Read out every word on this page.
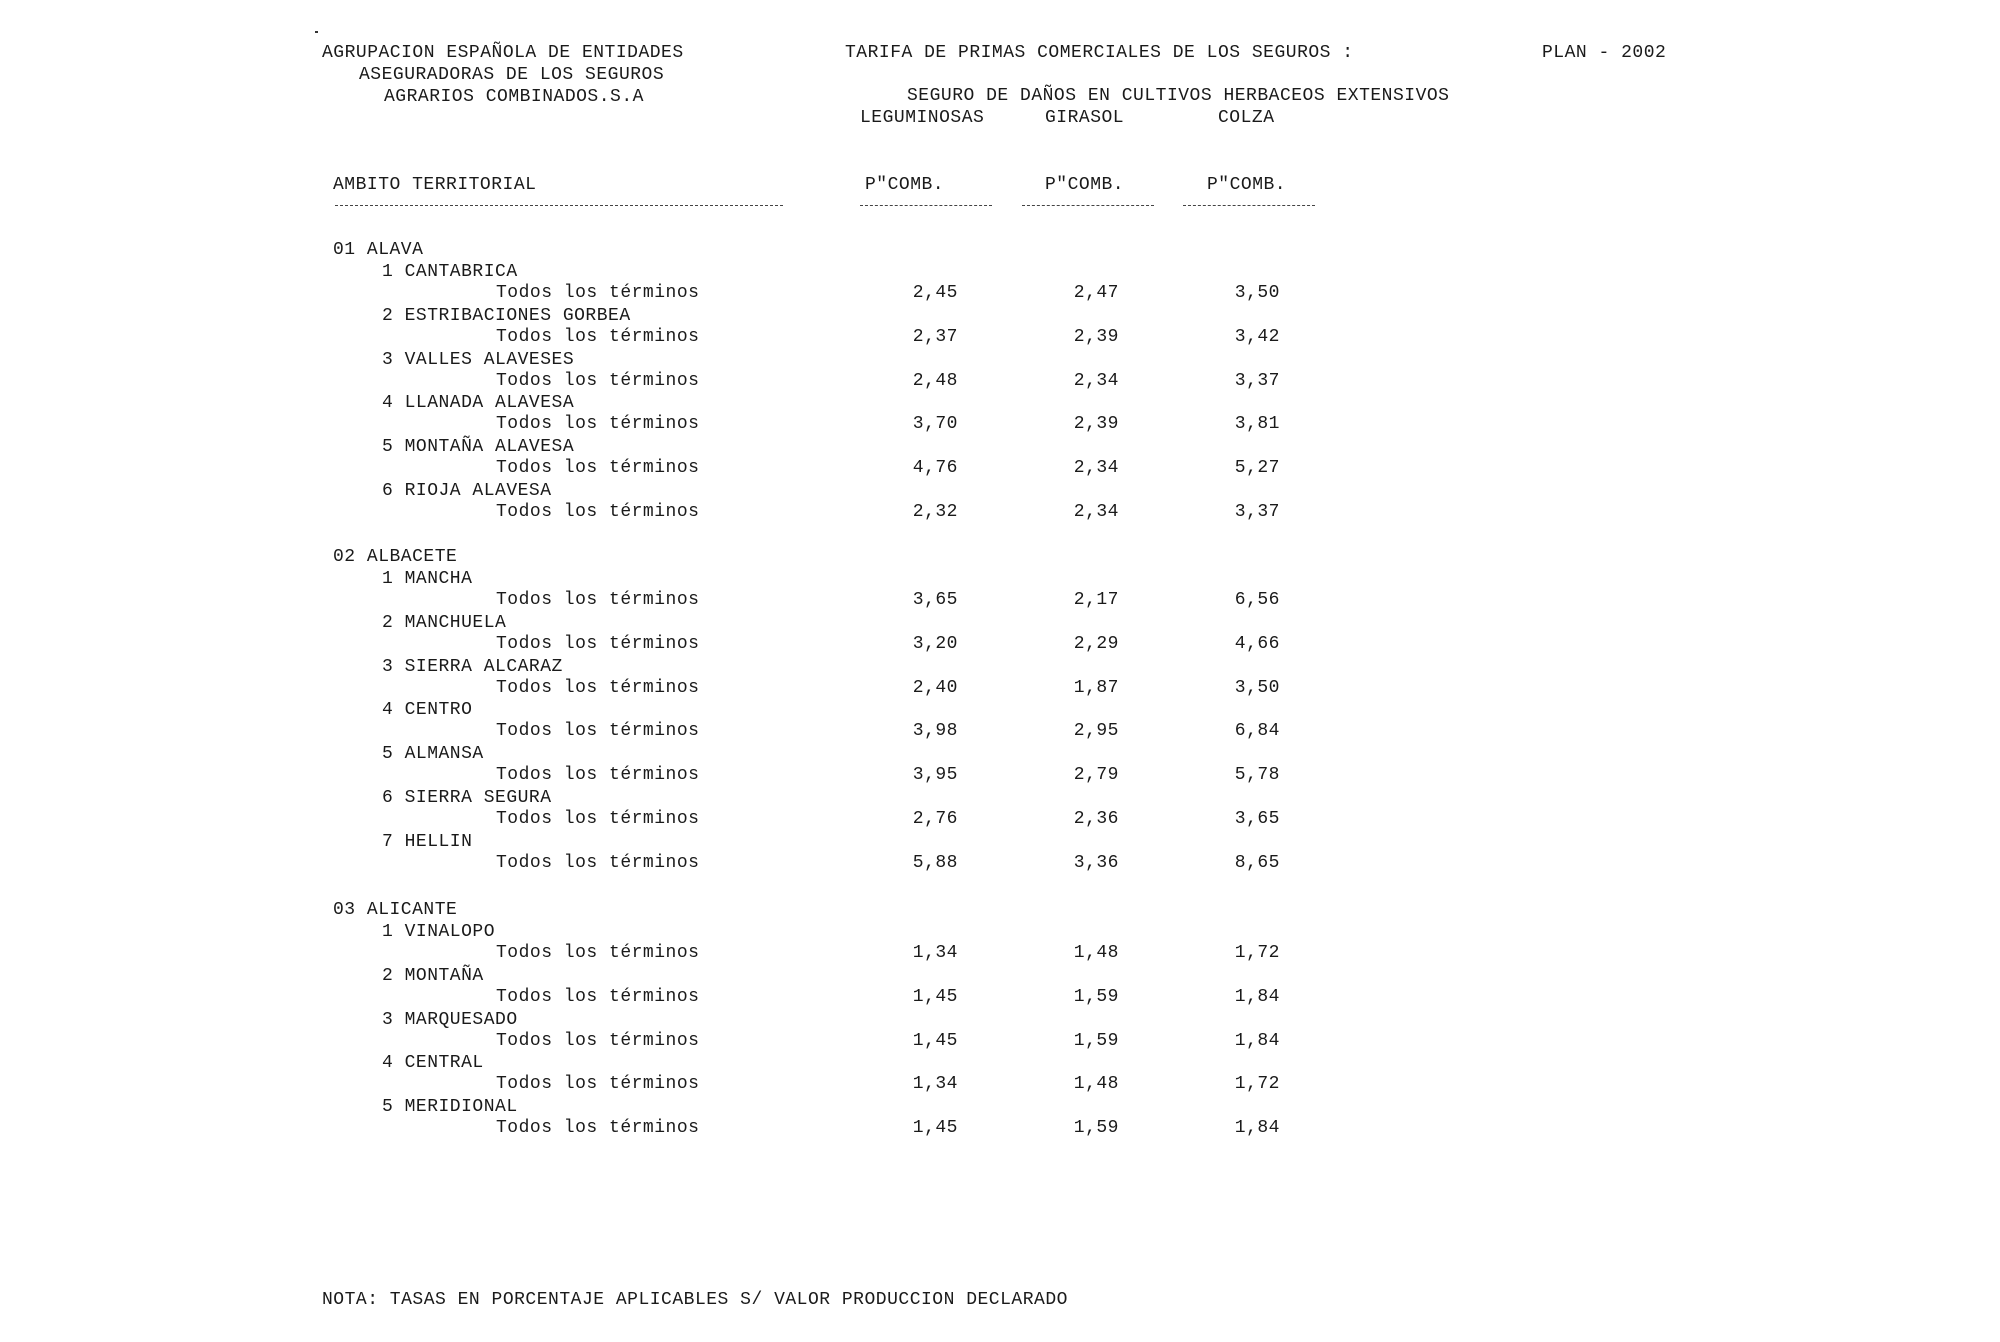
AGRUPACION ESPAÑOLA DE ENTIDADES
ASEGURADORAS DE LOS SEGUROS
AGRARIOS COMBINADOS.S.A
TARIFA DE PRIMAS COMERCIALES DE LOS SEGUROS :	PLAN - 2002
SEGURO DE DAÑOS EN CULTIVOS HERBACEOS EXTENSIVOS
LEGUMINOSAS	GIRASOL	COLZA
AMBITO TERRITORIAL	P"COMB.	P"COMB.	P"COMB.
01 ALAVA
1 CANTABRICA
Todos los términos	2,45	2,47	3,50
2 ESTRIBACIONES GORBEA
Todos los términos	2,37	2,39	3,42
3 VALLES ALAVESES
Todos los términos	2,48	2,34	3,37
4 LLANADA ALAVESA
Todos los términos	3,70	2,39	3,81
5 MONTAÑA ALAVESA
Todos los términos	4,76	2,34	5,27
6 RIOJA ALAVESA
Todos los términos	2,32	2,34	3,37
02 ALBACETE
1 MANCHA
Todos los términos	3,65	2,17	6,56
2 MANCHUELA
Todos los términos	3,20	2,29	4,66
3 SIERRA ALCARAZ
Todos los términos	2,40	1,87	3,50
4 CENTRO
Todos los términos	3,98	2,95	6,84
5 ALMANSA
Todos los términos	3,95	2,79	5,78
6 SIERRA SEGURA
Todos los términos	2,76	2,36	3,65
7 HELLIN
Todos los términos	5,88	3,36	8,65
03 ALICANTE
1 VINALOPO
Todos los términos	1,34	1,48	1,72
2 MONTAÑA
Todos los términos	1,45	1,59	1,84
3 MARQUESADO
Todos los términos	1,45	1,59	1,84
4 CENTRAL
Todos los términos	1,34	1,48	1,72
5 MERIDIONAL
Todos los términos	1,45	1,59	1,84
NOTA: TASAS EN PORCENTAJE APLICABLES S/ VALOR PRODUCCION DECLARADO
